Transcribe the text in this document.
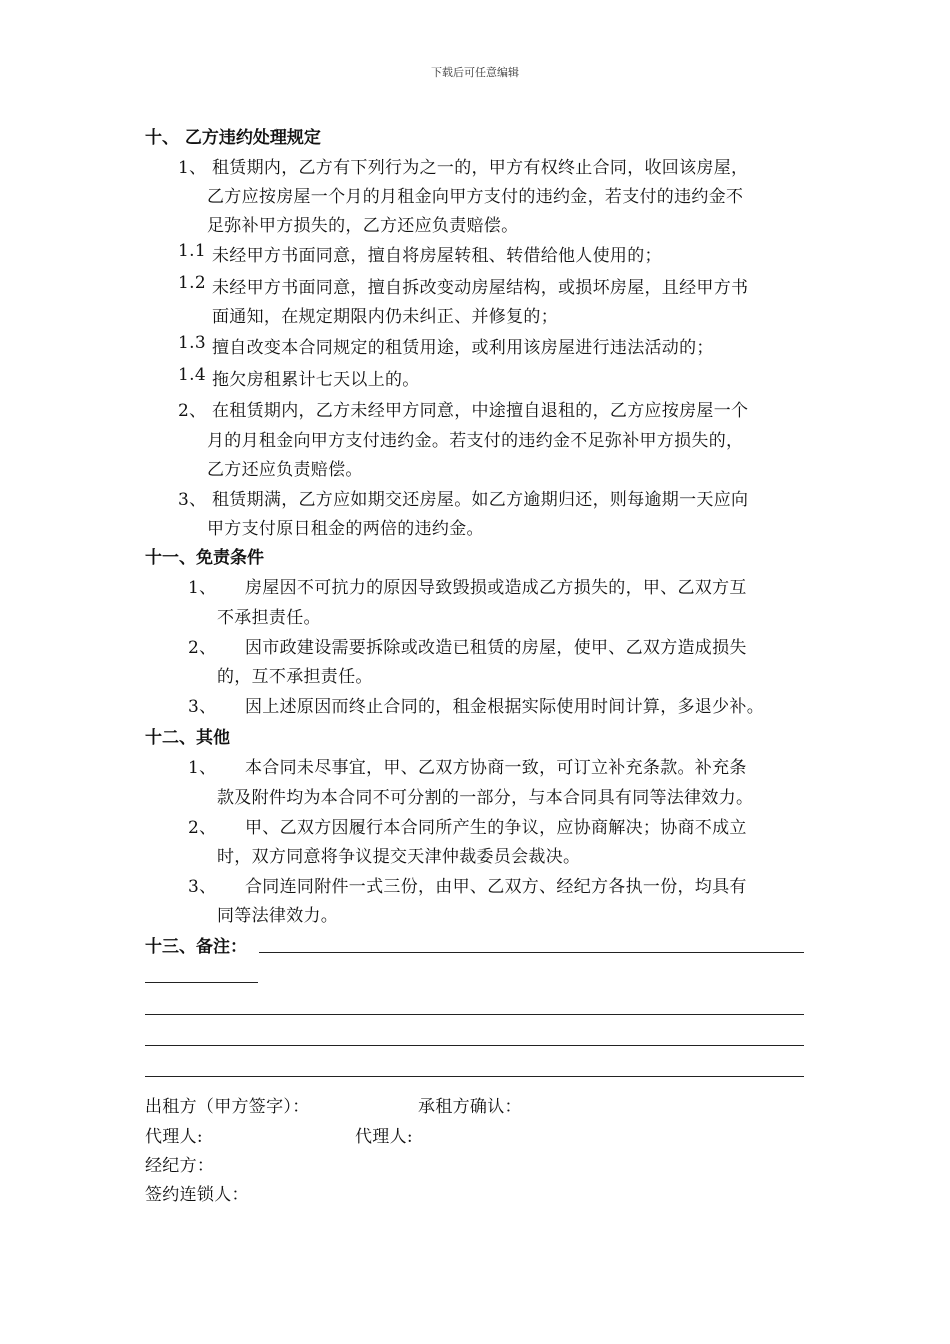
下载后可任意编辑
十、 乙方违约处理规定
1、 租赁期内，乙方有下列行为之一的，甲方有权终止合同，收回该房屋，
乙方应按房屋一个月的月租金向甲方支付的违约金，若支付的违约金不
足弥补甲方损失的，乙方还应负责赔偿。
1.1 未经甲方书面同意，擅自将房屋转租、转借给他人使用的；
1.2 未经甲方书面同意，擅自拆改变动房屋结构，或损坏房屋，且经甲方书
面通知，在规定期限内仍未纠正、并修复的；
1.3 擅自改变本合同规定的租赁用途，或利用该房屋进行违法活动的；
1.4 拖欠房租累计七天以上的。
2、 在租赁期内，乙方未经甲方同意，中途擅自退租的，乙方应按房屋一个
月的月租金向甲方支付违约金。若支付的违约金不足弥补甲方损失的，
乙方还应负责赔偿。
3、 租赁期满，乙方应如期交还房屋。如乙方逾期归还，则每逾期一天应向
甲方支付原日租金的两倍的违约金。
十一、免责条件
1、 房屋因不可抗力的原因导致毁损或造成乙方损失的，甲、乙双方互
不承担责任。
2、 因市政建设需要拆除或改造已租赁的房屋，使甲、乙双方造成损失
的，互不承担责任。
3、 因上述原因而终止合同的，租金根据实际使用时间计算，多退少补。
十二、其他
1、 本合同未尽事宜，甲、乙双方协商一致，可订立补充条款。补充条
款及附件均为本合同不可分割的一部分，与本合同具有同等法律效力。
2、 甲、乙双方因履行本合同所产生的争议，应协商解决；协商不成立
时，双方同意将争议提交天津仲裁委员会裁决。
3、 合同连同附件一式三份，由甲、乙双方、经纪方各执一份，均具有
同等法律效力。
十三、备注：
出租方（甲方签字）：	承租方确认：
代理人:	代理人:
经纪方：
签约连锁人：
